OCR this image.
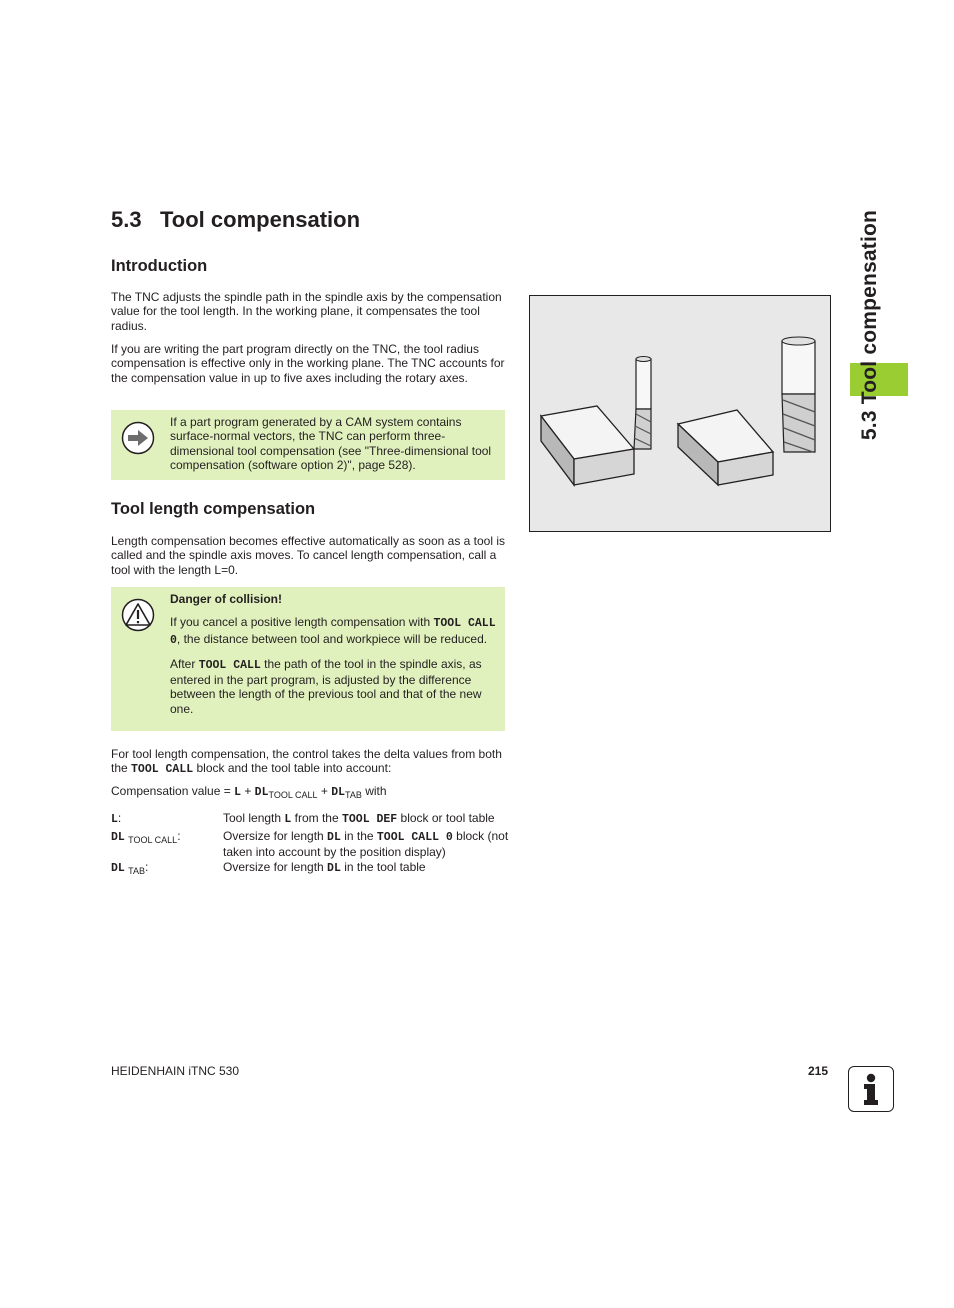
5.3 Tool compensation	5.3 Tool compensation
Introduction

The TNC adjusts the spindle path in the spindle axis by the compensation value for the tool length. In the working plane, it compensates the tool radius.

If you are writing the part program directly on the TNC, the tool radius compensation is effective only in the working plane. The TNC accounts for the compensation value in up to five axes including the rotary axes.

If a part program generated by a CAM system contains surface-normal vectors, the TNC can perform three-dimensional tool compensation (see "Three-dimensional tool compensation (software option 2)", page 528).

Tool length compensation

Length compensation becomes effective automatically as soon as a tool is called and the spindle axis moves. To cancel length compensation, call a tool with the length L=0.

Danger of collision!

If you cancel a positive length compensation with TOOL CALL 0, the distance between tool and workpiece will be reduced.

After TOOL CALL the path of the tool in the spindle axis, as entered in the part program, is adjusted by the difference between the length of the previous tool and that of the new one.

For tool length compensation, the control takes the delta values from both the TOOL CALL block and the tool table into account:

Compensation value = $L + DL_{TOOL CALL} + DL_{TAB}$ with

L:	Tool length L from the TOOL DEF block or tool table
DL $_{TOOL CALL}$:	Oversize for length DL in the TOOL CALL 0 block (not taken into account by the position display)
DL $_{TAB}$:	Oversize for length DL in the tool table
HEIDENHAIN iTNC 530	215
